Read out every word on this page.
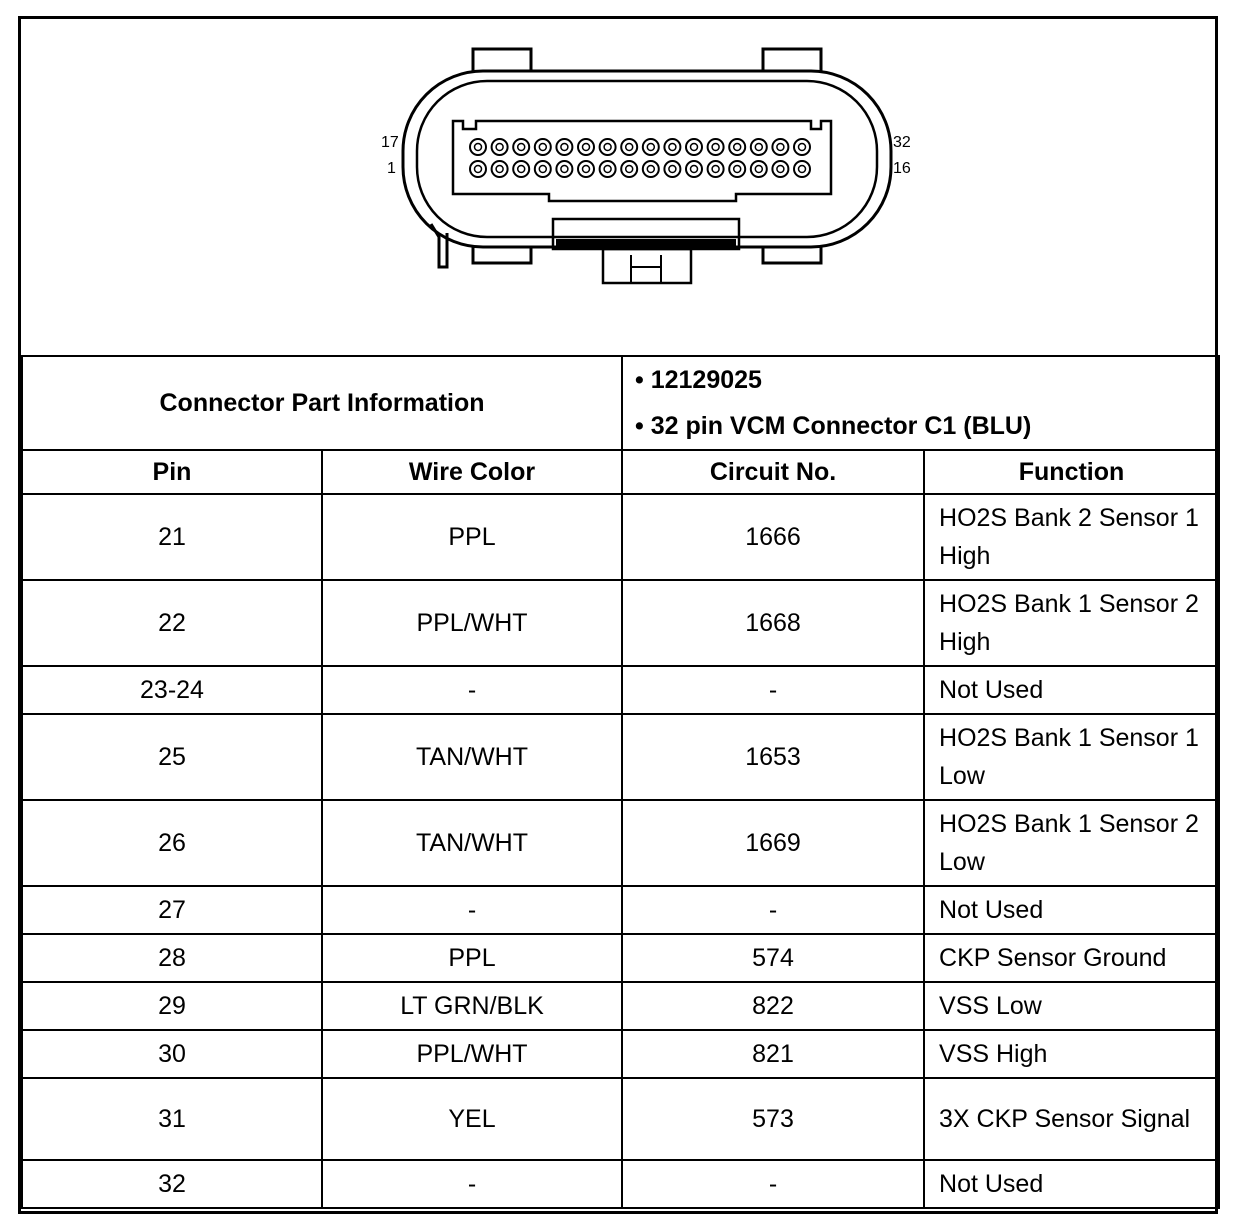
17
1
32
16
Connector Part Information		• 12129025
• 32 pin VCM Connector C1 (BLU)

Pin	Wire Color	Circuit No.	Function
21	PPL	1666	HO2S Bank 2 Sensor 1 High
22	PPL/WHT	1668	HO2S Bank 1 Sensor 2 High
23-24	-	-	Not Used
25	TAN/WHT	1653	HO2S Bank 1 Sensor 1 Low
26	TAN/WHT	1669	HO2S Bank 1 Sensor 2 Low
27	-	-	Not Used
28	PPL	574	CKP Sensor Ground
29	LT GRN/BLK	822	VSS Low
30	PPL/WHT	821	VSS High
31	YEL	573	3X CKP Sensor Signal
32	-	-	Not Used
